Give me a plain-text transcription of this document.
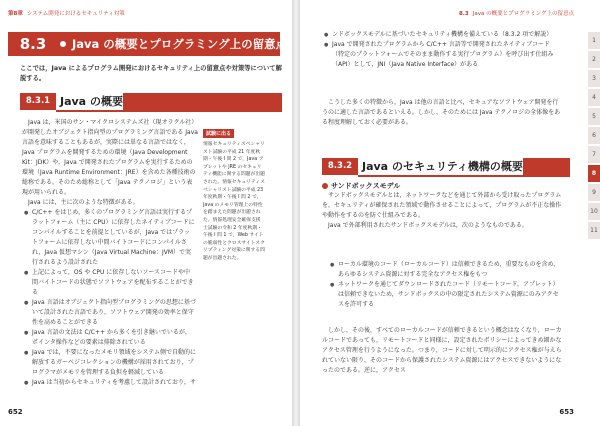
第8章 システム開発におけるセキュリティ対策
8.3	Java の概要とプログラミング上の留意点
ここでは，Java によるプログラム開発におけるセキュリティ上の留意点や対策等について解説する。
8.3.1 Java の概要

Java は，米国のサン・マイクロシステムズ社（現オラクル社）が開発したオブジェクト指向型のプログラミング言語である Java 言語を意味することもあるが，実際には単なる言語ではなく，Java プログラムを開発するための環境（Java Development Kit：JDK）や，Java で開発されたプログラムを実行するための環境（Java Runtime Environment：JRE）を含めた各種技術の総称である。そのため総称として「Java テクノロジ」という表現が用いられる。

Java には，主に次のような特徴がある。

● C/C++ をはじめ，多くのプログラミング言語は実行するプラットフォーム（主に CPU）に依存したネイティブコードにコンパイルすることを前提としているが，Java ではプラットフォームに依存しない中間バイトコードにコンパイルされ，Java 仮想マシン（Java Virtual Machine：JVM）で実行されるよう設計された
● 上記によって，OS や CPU に依存しないソースコードや中間バイトコードの状態でソフトウェアを配布することができる
● Java 言語はオブジェクト指向型プログラミングの思想に基づいて設計された言語であり，ソフトウェア開発の効率と保守性を高めることができる
● Java 言語の文法は C/C++ から多くを引き継いでいるが，ポインタ操作などの要素は排除されている
● Java では，不要になったメモリ領域をシステム側で自動的に解放するガーベジコレクションの機構が採用されており，プログラマがメモリを管理する負担を軽減している
● Java は当初からセキュリティを考慮して設計されており，サ
試験に出る
情報セキュリティスペシャリスト試験の平成 21 年度秋期・午後 I 問 2 で，Java アプレットや JRE のセキュリティ機能に関する問題が出題された。情報セキュリティスペシャリスト試験の平成 23 年度秋期・午後 I 問 2 で，Java のメモリ管理上の特性を踏まえた問題が出題された。情報処理安全確保支援士試験の令和 2 年度秋期・午後 I 問 1 で，Web サイトの脆弱性とクロスサイトスクリプティング対策に関する問題が出題された。
652
8.3 Java の概要とプログラミング上の留意点
● ンドボックスモデルに基づいたセキュリティ機構を備えている（8.3.2 項で解説）
● Java で開発されたプログラムから C/C++ 言語等で開発されたネイティブコード（特定のプラットフォームでそのまま動作する実行プログラム）を呼び出す仕組み（API）として，JNI（Java Native Interface）がある

こうした多くの特徴から，Java は他の言語と比べ，セキュアなソフトウェア開発を行うのに適した言語であるといえる。しかし，そのためには Java テクノロジの全体像をある程度理解しておく必要がある。

8.3.2 Java のセキュリティ機構の概要
サンドボックスモデル

サンドボックスモデルとは，ネットワークなどを通じて外部から受け取ったプログラムを，セキュリティが確保された領域で動作させることによって，プログラムが不正な操作や動作をするのを防ぐ仕組みである。

Java で外部利用されたサンドボックスモデルは，次のようなものである。

● ローカル環境のコード（ローカルコード）は信頼できるため，重要なものを含め，あらゆるシステム資源に対する完全なアクセス権をもつ
● ネットワークを通じてダウンロードされたコード（リモートコード，アプレット）は信頼できないため，サンドボックスの中の限定されたシステム資源にのみアクセスを許可する

しかし，その後，すべてのローカルコードが信頼できるという概念はなくなり，ローカルコードであっても，リモートコードと同様に，設定されたポリシーによってきめ細かなアクセス管理を行うようになった。つまり，コードに対して明示的にアクセス権が与えられていない限り，そのコードから保護されたシステム資源にはアクセスできないようになったのである。逆に，アクセス

1
2
3
4
5
6
7
8
9
10
11
653
